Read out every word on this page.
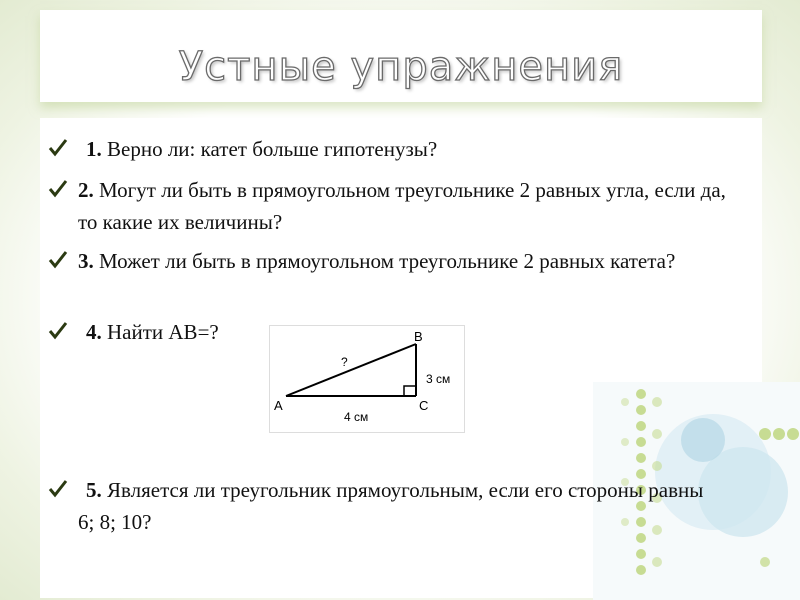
Устные упражнения
1. Верно ли: катет больше гипотенузы?
2. Могут ли быть в прямоугольном треугольнике 2 равных угла, если да, то какие их величины?
3. Может ли быть в прямоугольном треугольнике 2 равных катета?
4. Найти AB=?
A
B
C
?
3 см
4 см
5. Является ли треугольник прямоугольным, если его стороны равны 6; 8; 10?
